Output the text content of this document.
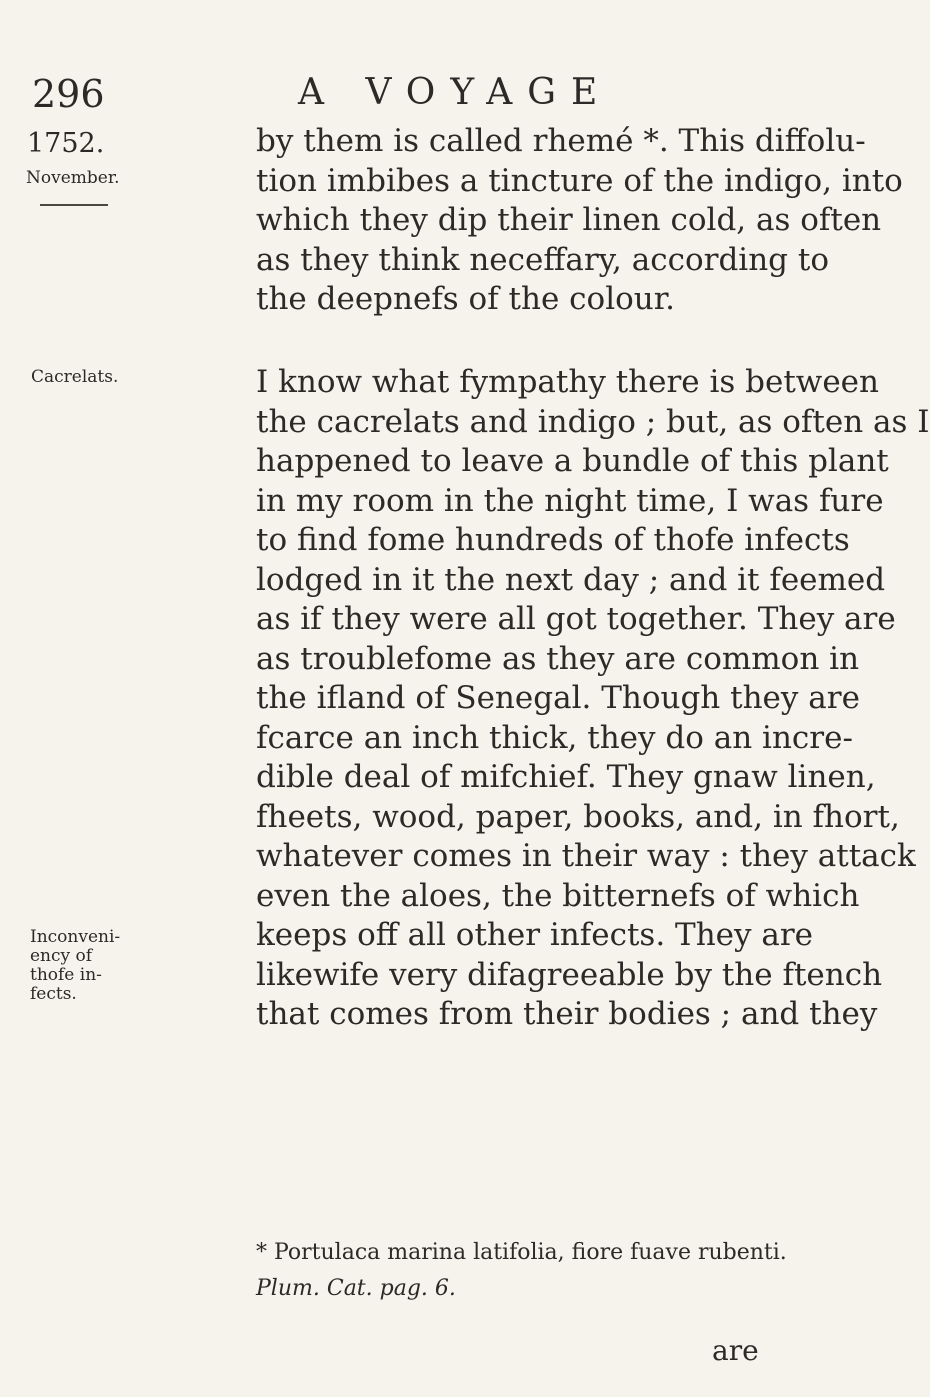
296	A VOYAGE
1752.
November.
Cacrelats.
Inconveni-
ency of
thofe in-
fects.

by them is called rhemé *. This diffolu-

tion imbibes a tincture of the indigo, into

which they dip their linen cold, as often

as they think neceffary, according to

the deepnefs of the colour.

I know what fympathy there is between

the cacrelats and indigo ; but, as often as I

happened to leave a bundle of this plant

in my room in the night time, I was fure

to find fome hundreds of thofe infects

lodged in it the next day ; and it feemed

as if they were all got together. They are

as troublefome as they are common in

the ifland of Senegal. Though they are

fcarce an inch thick, they do an incre-

dible deal of mifchief. They gnaw linen,

fheets, wood, paper, books, and, in fhort,

whatever comes in their way : they attack

even the aloes, the bitternefs of which

keeps off all other infects. They are

likewife very difagreeable by the ftench

that comes from their bodies ; and they

* Portulaca marina latifolia, fiore fuave rubenti.

Plum. Cat. pag. 6.

are
